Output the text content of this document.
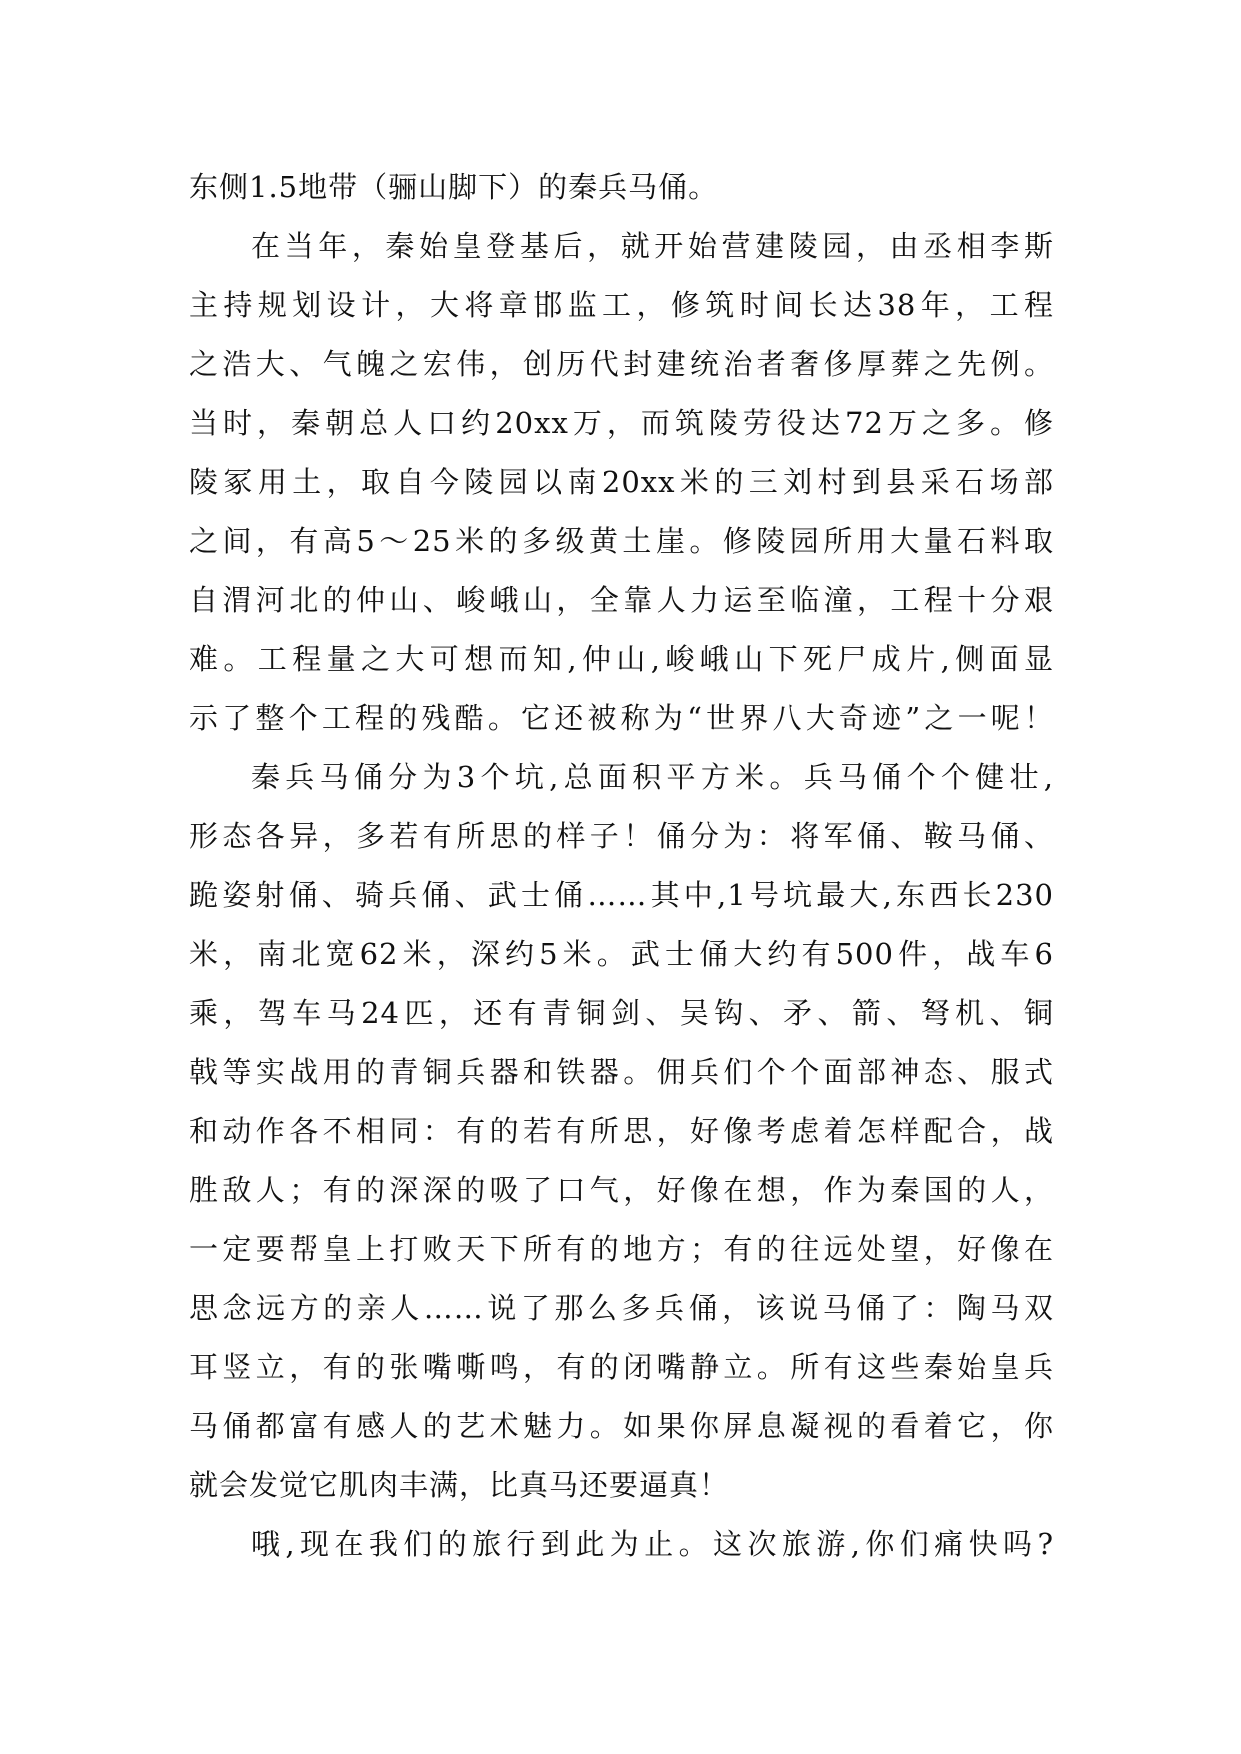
东侧1.5地带（骊山脚下）的秦兵马俑。
在当年，秦始皇登基后，就开始营建陵园，由丞相李斯
主持规划设计，大将章邯监工，修筑时间长达38年，工程
之浩大、气魄之宏伟，创历代封建统治者奢侈厚葬之先例。
当时，秦朝总人口约20xx万，而筑陵劳役达72万之多。修
陵冢用土，取自今陵园以南20xx米的三刘村到县采石场部
之间，有高5～25米的多级黄土崖。修陵园所用大量石料取
自渭河北的仲山、峻峨山，全靠人力运至临潼，工程十分艰
难。工程量之大可想而知,仲山,峻峨山下死尸成片,侧面显
示了整个工程的残酷。它还被称为“世界八大奇迹”之一呢！
秦兵马俑分为3个坑,总面积平方米。兵马俑个个健壮,
形态各异，多若有所思的样子！俑分为：将军俑、鞍马俑、
跪姿射俑、骑兵俑、武士俑……其中,1号坑最大,东西长230
米，南北宽62米，深约5米。武士俑大约有500件，战车6
乘，驾车马24匹，还有青铜剑、吴钩、矛、箭、弩机、铜
戟等实战用的青铜兵器和铁器。佣兵们个个面部神态、服式
和动作各不相同：有的若有所思，好像考虑着怎样配合，战
胜敌人；有的深深的吸了口气，好像在想，作为秦国的人，
一定要帮皇上打败天下所有的地方；有的往远处望，好像在
思念远方的亲人……说了那么多兵俑，该说马俑了：陶马双
耳竖立，有的张嘴嘶鸣，有的闭嘴静立。所有这些秦始皇兵
马俑都富有感人的艺术魅力。如果你屏息凝视的看着它，你
就会发觉它肌肉丰满，比真马还要逼真！
哦,现在我们的旅行到此为止。这次旅游,你们痛快吗?
